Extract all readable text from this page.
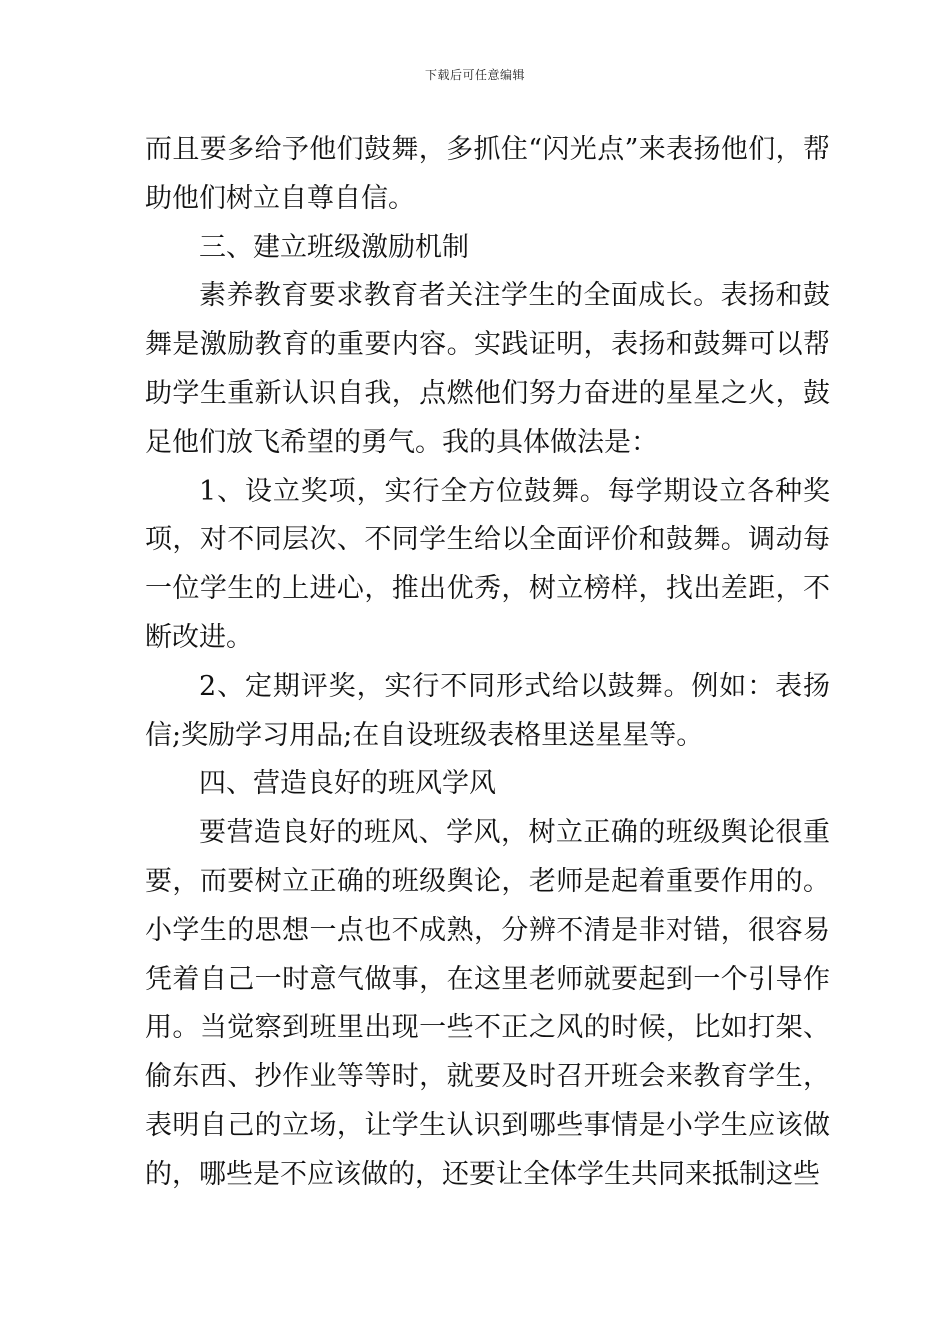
下载后可任意编辑

而且要多给予他们鼓舞，多抓住“闪光点”来表扬他们，帮助他们树立自尊自信。

三、建立班级激励机制

素养教育要求教育者关注学生的全面成长。表扬和鼓舞是激励教育的重要内容。实践证明，表扬和鼓舞可以帮助学生重新认识自我，点燃他们努力奋进的星星之火，鼓足他们放飞希望的勇气。我的具体做法是：

1、设立奖项，实行全方位鼓舞。每学期设立各种奖项，对不同层次、不同学生给以全面评价和鼓舞。调动每一位学生的上进心，推出优秀，树立榜样，找出差距，不断改进。

2、定期评奖，实行不同形式给以鼓舞。例如：表扬信;奖励学习用品;在自设班级表格里送星星等。

四、营造良好的班风学风

要营造良好的班风、学风，树立正确的班级舆论很重要，而要树立正确的班级舆论，老师是起着重要作用的。小学生的思想一点也不成熟，分辨不清是非对错，很容易凭着自己一时意气做事，在这里老师就要起到一个引导作用。当觉察到班里出现一些不正之风的时候，比如打架、偷东西、抄作业等等时，就要及时召开班会来教育学生，表明自己的立场，让学生认识到哪些事情是小学生应该做的，哪些是不应该做的，还要让全体学生共同来抵制这些
